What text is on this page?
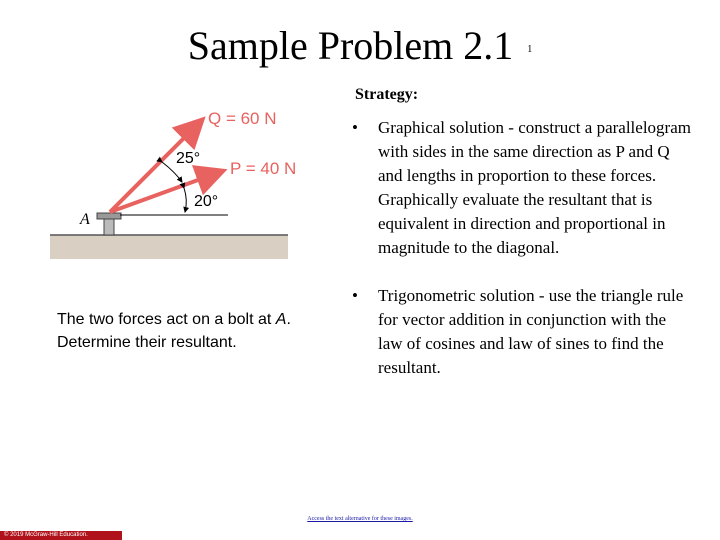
Sample Problem 2.1 1
Strategy:
• Graphical solution - construct a parallelogram with sides in the same direction as P and Q and lengths in proportion to these forces. Graphically evaluate the resultant that is equivalent in direction and proportional in magnitude to the diagonal.
• Trigonometric solution - use the triangle rule for vector addition in conjunction with the law of cosines and law of sines to find the resultant.
Q = 60 N
P = 40 N
25°
20°
A
The two forces act on a bolt at A. Determine their resultant.
Access the text alternative for these images.
© 2019 McGraw-Hill Education.
